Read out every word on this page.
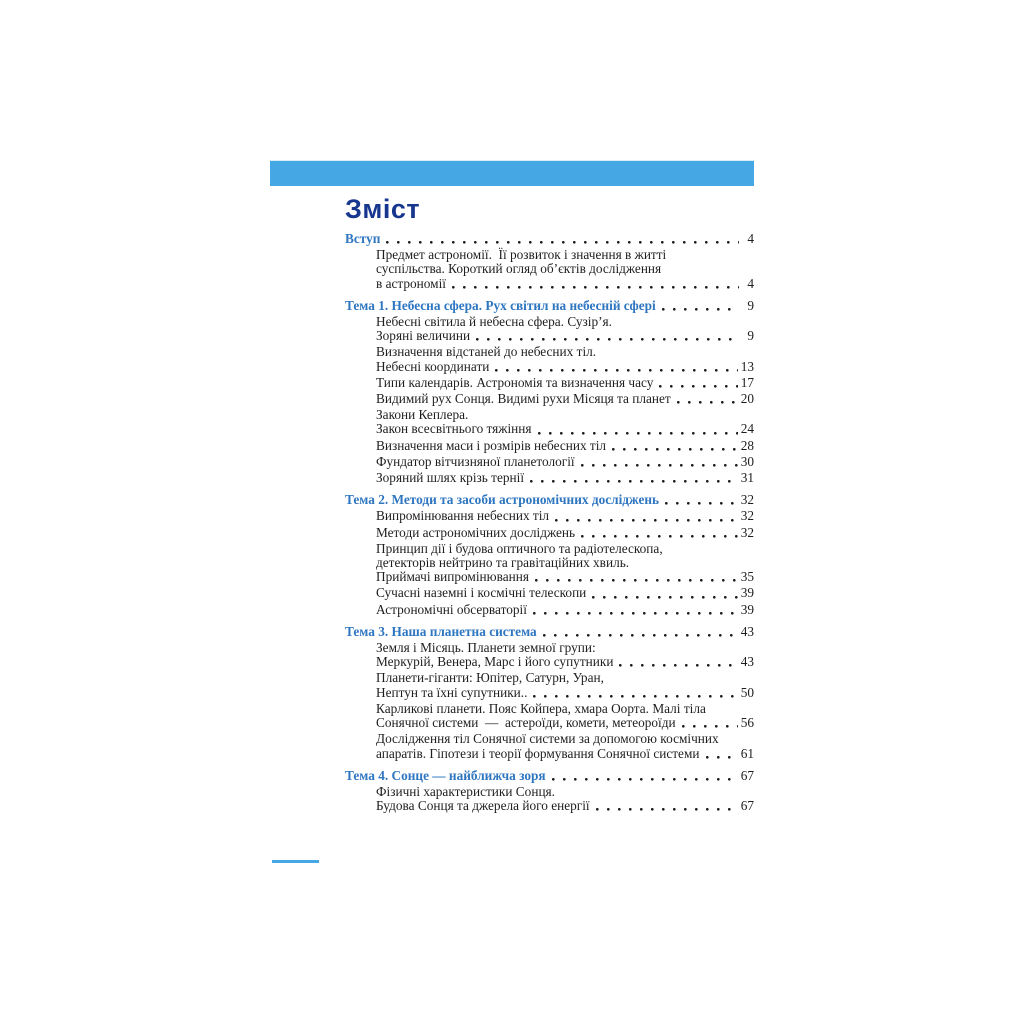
Зміст
Вступ	4
Предмет астрономії.  Її розвиток і значення в житті
суспільства. Короткий огляд об’єктів дослідження
в астрономії	4
Тема 1. Небесна сфера. Рух світил на небесній сфері	9
Небесні світила й небесна сфера. Сузір’я.
Зоряні величини	9
Визначення відстаней до небесних тіл.
Небесні координати	13
Типи календарів. Астрономія та визначення часу	17
Видимий рух Сонця. Видимі рухи Місяця та планет	20
Закони Кеплера.
Закон всесвітнього тяжіння	24
Визначення маси і розмірів небесних тіл	28
Фундатор вітчизняної планетології	30
Зоряний шлях крізь тернії	31
Тема 2. Методи та засоби астрономічних досліджень	32
Випромінювання небесних тіл	32
Методи астрономічних досліджень	32
Принцип дії і будова оптичного та радіотелескопа,
детекторів нейтрино та гравітаційних хвиль.
Приймачі випромінювання	35
Сучасні наземні і космічні телескопи	39
Астрономічні обсерваторії	39
Тема 3. Наша планетна система	43
Земля і Місяць. Планети земної групи:
Меркурій, Венера, Марс і його супутники	43
Планети-гіганти: Юпітер, Сатурн, Уран,
Нептун та їхні супутники..	50
Карликові планети. Пояс Койпера, хмара Оорта. Малі тіла
Сонячної системи  —  астероїди, комети, метеороїди	56
Дослідження тіл Сонячної системи за допомогою космічних
апаратів. Гіпотези і теорії формування Сонячної системи	61
Тема 4. Сонце — найближча зоря	67
Фізичні характеристики Сонця.
Будова Сонця та джерела його енергії	67
